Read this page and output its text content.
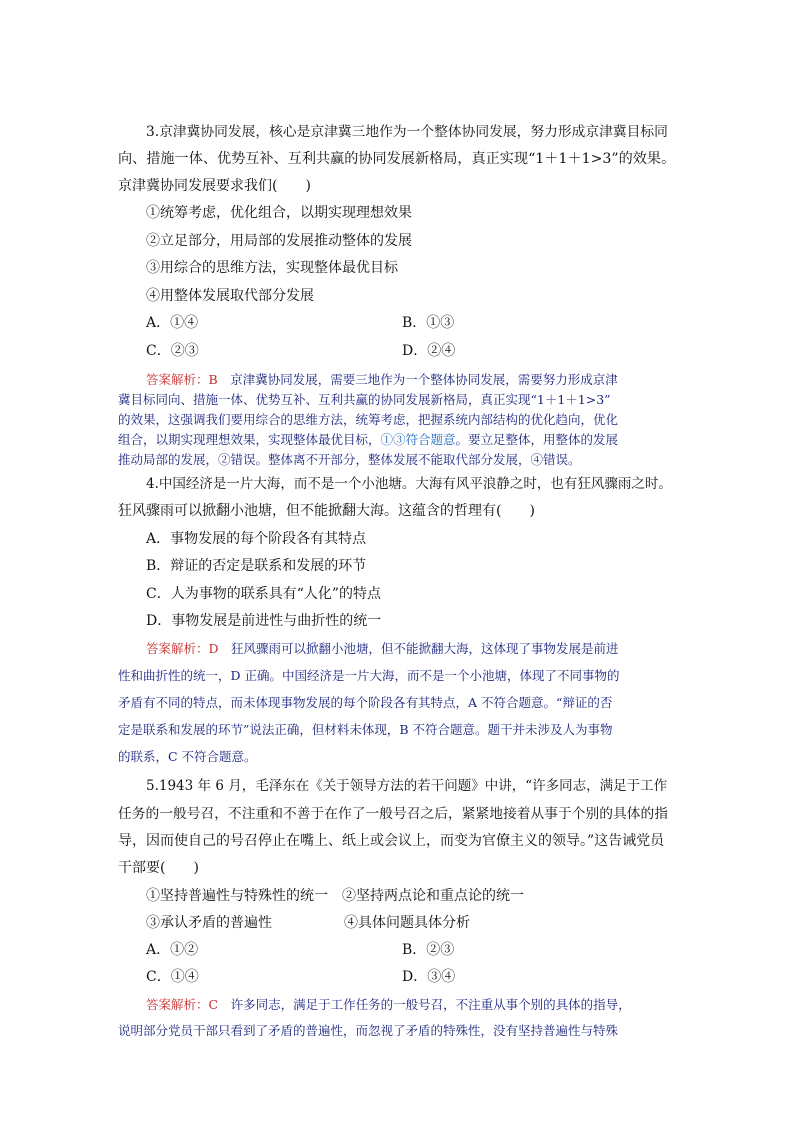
3.京津冀协同发展，核心是京津冀三地作为一个整体协同发展，努力形成京津冀目标同
向、措施一体、优势互补、互利共赢的协同发展新格局，真正实现“1＋1＋1>3”的效果。
京津冀协同发展要求我们(　　)
①统筹考虑，优化组合，以期实现理想效果
②立足部分，用局部的发展推动整体的发展
③用综合的思维方法，实现整体最优目标
④用整体发展取代部分发展
A．①④	B．①③
C．②③	D．②④
答案解析：B　京津冀协同发展，需要三地作为一个整体协同发展，需要努力形成京津
冀目标同向、措施一体、优势互补、互利共赢的协同发展新格局，真正实现“1＋1＋1>3”
的效果，这强调我们要用综合的思维方法，统筹考虑，把握系统内部结构的优化趋向，优化
组合，以期实现理想效果，实现整体最优目标，①③符合题意。要立足整体，用整体的发展
推动局部的发展，②错误。整体离不开部分，整体发展不能取代部分发展，④错误。
4.中国经济是一片大海，而不是一个小池塘。大海有风平浪静之时，也有狂风骤雨之时。
狂风骤雨可以掀翻小池塘，但不能掀翻大海。这蕴含的哲理有(　　)
A．事物发展的每个阶段各有其特点
B．辩证的否定是联系和发展的环节
C．人为事物的联系具有“人化”的特点
D．事物发展是前进性与曲折性的统一
答案解析：D　狂风骤雨可以掀翻小池塘，但不能掀翻大海，这体现了事物发展是前进
性和曲折性的统一，D 正确。中国经济是一片大海，而不是一个小池塘，体现了不同事物的
矛盾有不同的特点，而未体现事物发展的每个阶段各有其特点，A 不符合题意。“辩证的否
定是联系和发展的环节”说法正确，但材料未体现，B 不符合题意。题干并未涉及人为事物
的联系，C 不符合题意。
5.1943 年 6 月，毛泽东在《关于领导方法的若干问题》中讲，“许多同志，满足于工作
任务的一般号召，不注重和不善于在作了一般号召之后，紧紧地接着从事于个别的具体的指
导，因而使自己的号召停止在嘴上、纸上或会议上，而变为官僚主义的领导。”这告诫党员
干部要(　　)
①坚持普遍性与特殊性的统一　②坚持两点论和重点论的统一
③承认矛盾的普遍性	④具体问题具体分析
A．①②	B．②③
C．①④	D．③④
答案解析：C　许多同志，满足于工作任务的一般号召，不注重从事个别的具体的指导，
说明部分党员干部只看到了矛盾的普遍性，而忽视了矛盾的特殊性，没有坚持普遍性与特殊
